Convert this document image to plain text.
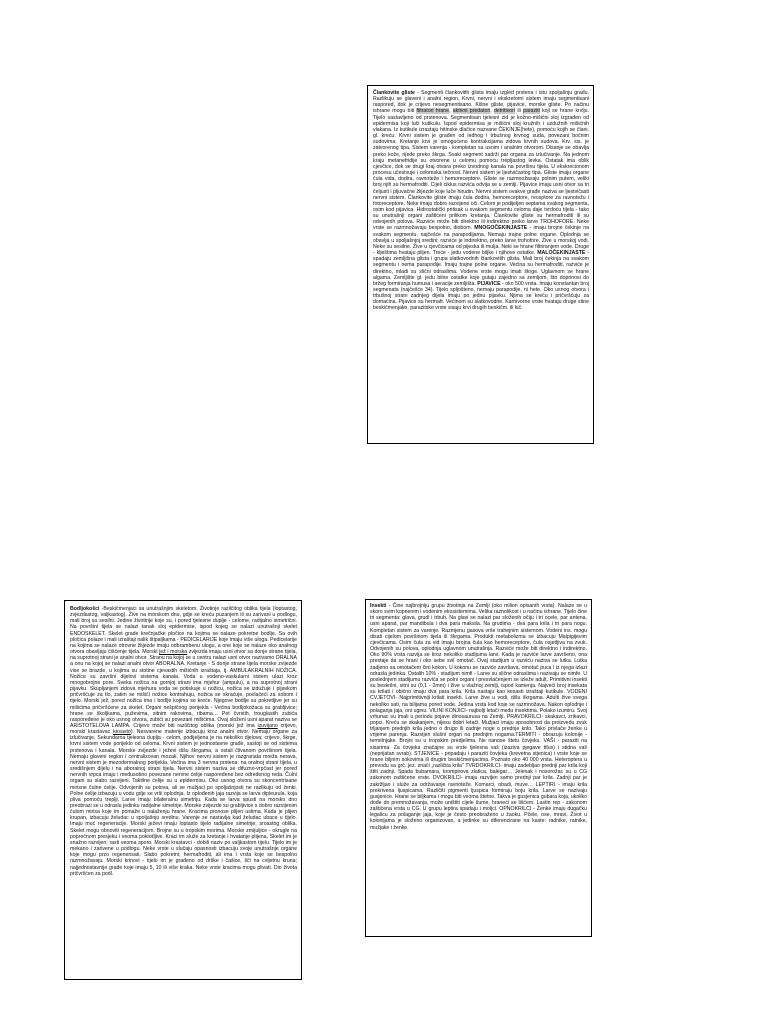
Člankovite gliste - Segmenti člankovitih glista imaju izgled prstena i istu spoljašnju građu. Razlikuju se glaveni i analni region. Krvni, nervni i ekskretorni sistem imaju segmentisani raspored, dok je crijevo nesegmentisano. Kišne gliste, pijavice, morske gliste. Po načinu ishrane mogu biti filtratori hrane, aktivni predatori, detritivori ili paraziti koji se hrane krvlju. Tijelo sastavljeno od prstenova. Segmentisan tjelesni zid je kožno-mišićni sloj izgrađen od epidermisa koji luči kutikulu. Ispod epidermisa je mišićni sloj kružnih i uzdužnih mišićnih vlakana. Iz kutikule izrastaju hitinske dlačice nazvane ČEKINJE(hete), pomoću kojih se člani. gl. kreću. Krvni sistem je građen od leđnog i trbušnog krvnog suda, povezani bočnim sudovima. Kretanje krvi je omogućeno kontrakcijama zidova krvnih sudova. Krv. sis. je zatvorenog tipa. Sistem varenja - kompletan sa usnim i analnim otvorom. Disanje se obavlja preko kože, rijeđe preko škrga. Svaki segment sadrži par organa za izlučivanje. Na jednom kraju metanefridije su otvorene u celomu pomoću trepljastog levka. Ostatak ima oblik cjevčice, dok se drugi kraj otvara preko izvodnog kanala na površinu tijela. U ekskrecionom procesu učestvuje i celomska tečnost. Nervni sistem je ljestvičastog tipa. Gliste imaju organe čula vida, dodira, ravnoteže i hemoreceptore. Gliste se razmnožavaju polnim putem, veliki broj njih su hermafroditi. Cijeli ciklus razvića odvija se u zemlji. Pijavice imaju usni otvor sa tri čeljusti i pljuvačne žlijezde koje luče hirudin. Nervni sistem ovakve građe naziva se ljestvičasti nervni sistem. Člankovite gliste imaju čula dodira, hemoreceptore, receptore za ravnotežu i fotoreceptore. Neke imaju dobro razvijene oči. Celom je podijeljen septama svakog segmenta, osim kod pijavica. Hidrostatički pritisak u svakom segmentu celoma daje tvrdoću tijela - tako su unutrašnji organi zaštićeni prilikom kretanja. Člankovite gliste su hermafroditi ili su odvojenih polova. Razviće može biti direktno ili indirektno preko larve TROHOFORE. Neke vrste se razmnožavaju bespolno, diobom. MNOGOČEKINJASTE - imaju brojne čekinje na svakom segmentu, najčešće na parapodijama. Nemaju trajne polne organe. Oplodnja se obavlja u spoljašnjoj sredini; razviće je indirektno, preko larve trohofore. Žive u morskoj vodi. Neke su sesilne. Žive u cjevčicama od pijeska ili mulja. Neki se hrane filtriranjem vode. Druge - klještima hvataju plijen. Treće - jedu vodene biljke i njihove ostatke. MALOČEKINJASTE - spadaju zemljišna glista i grupa slatkovodnih člankovitih glista. Mali broj čekinja na svakom segmentu i nema parapodije. Imaju trajne polne organe. Većina su hermafroditi, razviće je direktno, mladi su slični odraslima. Vodene vrste mogu imati škrge. Uglavnom se hrane algama. Zemljište gl. jedu bilne ostatke koje gutaju zajedno sa zemljom, što doprinosi do bržeg formiranja humusa i aeracije zemljišta. PIJAVICE - oko 500 vrsta. Imaju konstantan broj segmenata (najčešće 34). Tijelo spljošteno, nemaju parapodije, ni hete. Oko usnog otvora i trbušnoj strani zadnjeg dijela imaju po jednu pijavku. Njima se kreću i pričvršćuju za domaćina. Pijavice su hermafr. Većinom su slatkovodne. Karnivorne vrste hvataju druge sitne beskičmenjake, parazitske vrste sisaju krvi drugih beskičm. ili kič.
Bodljokošci -Beskičmenjaci sa unutrašnjim skeletom. Životinje različitog oblika tijela (loptastog, zvjezdastog, valjkastog). Žive na morskom dnu, gdje se kreću puzanjem ili su zarivani u podlogu, mali broj su sesilni. Jedine životinje koje su, i pored tjelesne duplje - celome, radijalno simetrični. Na površini tijela se nalazi tanak sloj epidermise, ispod kojeg se nalazi unutrašnji skelet ENDOSKELET. Skelet grade krečnjačke pločice na kojima se nalaze pokretne bodlje. Sa ovih pločica polaze i mali izraštaji nalik štipaljkama - PEDICELARIJE koje imaju više uloga. Pedicelarije na kojima se nalaze otrovne žlijezde imaju odbrambenu ulogu, a one koje se nalaze oko analnog otvora obavljaju čišćenje tijela. Morski jež i morska zvijezda imaju usni otvor sa donje strane tijela, na suprotnoj strani je analni otvor. Stranu na kojoj se u centru nalazi usni otvor nazivamo ORALNA a onu na kojoj se nalazi analni otvor ABORALNA. Kretanje - S donje strane tijela morske zvijezde vise se brazde, u kojima su stotine cjevastih mišićnih izraštaja, tj. AMBULAKRALNIH NOŽICA. Nožice su završni dijelovi sistema kanala. Voda u vodeno-vaskularni sistem ulazi kroz mnogobrojne pore. Sveka nožica na gornjoj strani ima mjehur (ampulu), a na suprotnoj strani pijavku. Skupljanjem zidova mjehura voda se potiskuje u nožicu, nožica se izdužuje i pijavkom pričvršćuje za tlo, zatim se mišići nožice kontrahuju, nožica se skraćuje, povlačeći za sobom i tijelo. Morski jež, pored nožica ima i bodlje kojima se kreće. Njegove bodlje su pokretljive jer su mišićima pričvršćene za skelet. Organi nešpičnog perijekla - Većina bodljokožaca su grabljivice; hrane se školjkama, puževima, sitnim rakovima, ribama… Pet čvrstih, trouglastih zubića raspoređene je oko usnog otvora, zubići su povezani mišićima. Ovaj složeni usni aparat naziva se ARISTOTELOVA LAMPA. Crijevo može biti različitog oblika (morski jež ima izuvijano crijevo, morski krastavac kesasto). Nesvarene materije izbacuju kroz analni otvor. Nemaju organe za izlučivanje. Sekundarna tjelesna duplja - celom, podijeljena je na nekoliko djelova; crijevo, škrge, krvni sistem vode porijeklo od celoma. Krvni sistem je jednostavne građe, sastoji se od sistema prstenova i kanala. Morske zvijezde i ježevi dišu škrgama, a ostali člivanom površinom tijela. Nemaju glaveni region i centralizovan mozak. Njihov nervni sistem je razgranata mreža nerava, nervni sistem je mezodermalnog porijekla. Većina ima 3 nervna prstena: na oralnoj strani tijela, u središnjem dijelu i na aboralnoj strani tijela. Nervni sistem naziva se difuzno-vrpčast jer pored nervnih vrpca imaju i međusobno povezane nervne ćelije raspoređene bez određenog reda. Čulni organi su slabo razvijeni. Taktilne ćelije su u epidermisu. Oko usnog otvora su skoncentrisane mirisne čulne ćelije. Odvojenih su polova, ali se mužjaci po spoljašnjosti ne razlikuju od ženki. Polne ćelije izbacuju u vodu gdje se vrši oplodnja. Iz oplođenih jaja razvija se larva dipleurula, koja pliva pomoću treplji. Larve imaju bilateralnu simetriju. Kada se larva spusti na morsko dno preobrazi se u odraslu jedinku radijalne simetrije. Morske zvijezde su grabljivice s dobro razvijenim čulom mirisa koje im pomaže u nalaženju hrane. Kracima pronose plijen ustima. Kada je plijen krupan, izbacuju želudac u spoljašnju sredinu. Varenje se nastavlja kad želudac ubace u tijelo. Imaju moć regeneracije. Morski ježevi imaju loptasto tijelo radijalne simetrije; sroastog oblika. Skelet mogu obnoviti regeneracijom. Brojne su u tropskim morima. Morske zmijuljice - okrugle na poprečnom presjeku i veoma pokretljive. Kraci im služe za kretanje i hvatanje plijena. Skelet im je snažno razvijen; rasti veoma sporo. Morski krastavci - dobili naziv po valjkastom tijelu. Tijelo im je mekano i zarivene u podlogu. Neke vrste u slučaju opasnosti izbacuju svoje unutrašnje organe koje mogu przo regenerisati. Slabo pokretni; hermafroditi, ali ima i vrsta koje se bespolno razmnožavaju. Morski krinovi - tijelo im je građeno od drške i čašice, šči na cvijetnu kruna; najjednostavnije građe koje imaju 5, 10 ili više kraka. Neke vrste kracima mogu plivati. Dio života pričvršćen za podl.
Insekti - Čine najbrojniju grupu životinja na Zemlji (oko milion opisanih vrsta). Nalaze se u skoro svim kopnenim i vodenim ekosistemima. Velika raznolikost i u načinu ishrane. Tijelo čine tri segmenta: glava, grudi i trbuh. Na glavi se nalazi par složenih očiju i tri ocele, par antena, usni aparat, par mandibula i dva para maksila. Na grudima - dva para krila i tri para nogu. Kompletan sistem za varenje. Razmjenu gasova vrše trahejnim sistemom. Vodeni ins. mogu disati cijelom površinom tijela ili škrgama. Produkti metabolizma se izbacuju Malpigijevim cjevčicama. Osim čula za vid imaju brojna čula kao hemoreceptore, čula osjetljiva na zvuk. Odvojenih su polova, oplodnja uglavnom unutrašnja. Razviće može biti direktno i indirektno. Oko 90% vrsta razvija se kroz nekoliko stadijuma larvi. Kada je razviće larve završeno, ona prestaje da se hrani i oko sebe svil omotač. Ovaj stadijum u razviću naziva se lutka. Lutka zadjeno sa omotačem čini kokon. U kokonu se razviće završava, omotač puca i iz njega izlazi odrasla jedinka. Ostalih 10% - stadijum nimfi - Larve su slične odraslima i nazivaju se nimfe. U poslednjem stadijumu razvića se polni organi i presvlačenjem se izleže adult. Primitivni insekti su beskrilni, sitni su (0,1 - 2mm) i žive u vlažnoj zemlji, ispod kamenja. Najveći broj insekata su krilati i obično imaju dva para krila. Krila nastaju kao kesasti izraštaji kutikule. VODENI CVJETOVI- Najprimitivniji krilati insekti. Larve žive u vodi, dišu škrgama. Adulti žive svega nekoliko sati, na bilijama pored vode. Jedina vrsta kod koje se razmnožava. Nakon oplodnje i polaganja jaja, oni uginu. VILINI KONJICI- najbolji letači među insektima. Polako izumiru. Svoj vrhunac su imali u periodu pojave dinosaurusa na Zemlji. PRAVOKRILCI- skakavci, zrikavci, popci. Kreću se skakanjem, nijesu dobri letači. Mužjaci imaju sposobnost da proizvedu zvuk trljanjem prednjih krila jedno o drugo ili zadnje noge o prednje krilo. Tako privlače ženke u vrijeme parenja. Razvijen slušni organ na prednjim nogama.TERMITI - obrazuju kolonije - termitnjake. Brojni su u tropskim predjelima. Ne nanose štetu čovjeku. VAŠI - paraziti na sisarima. Za čovjeka značajne su vrste tjelesna vaš (izaziva pjegave tifus) i stidna vaš (neprijatan svrab). STJENICE - pripadaju i paraziti čovjeka (krevetna stjenica) i vrste koje se hrane biljnim sokovima ili drugim beskičmenjacima. Poznato oko 40 000 vrsta. Heteroptera u prevodu sa grč. jez. znači „različita krila" TVRDOKRILCI- imaju zadebljao prednji par krila koji štiti zadnji. Spada bubamara, krompirova zlatica, balegar… Jelenak i nosorožac su u CG zakonom zaštićene vrste. DVOKRILCI- imaju razvijen samo prednji par krila. Zadnji par je zakržljao i služe za održavanje ravnoteže. Komarci, obadi, muve… LEPTIRI - imaju krila prekrivena ljuspicama. Različiti pigmenti ljuspica formiraju boju krila. Larve se nazivaju gusjenice. Hrane se biljkama i mogu biti veoma štetne. Takva je gusjenica gubara koja, ukoliko dođe do premnožavanja, može uništiti cijele šume, hraneći se lišćem. Lastin rep - zakonom zaštićena vrsta u CG. U grupu leptira spadaju i moljci. OPNOKRILCI - Ženke imaju dugačku legalicu za polaganje jaja, koje je često preobraženo u žaoku. Pčele, ose, mravi. Život u kolonijama je složeno organizovan, a jedinke su diferencirane na kaste: radnike, ratnike, mužjake i ženke.
